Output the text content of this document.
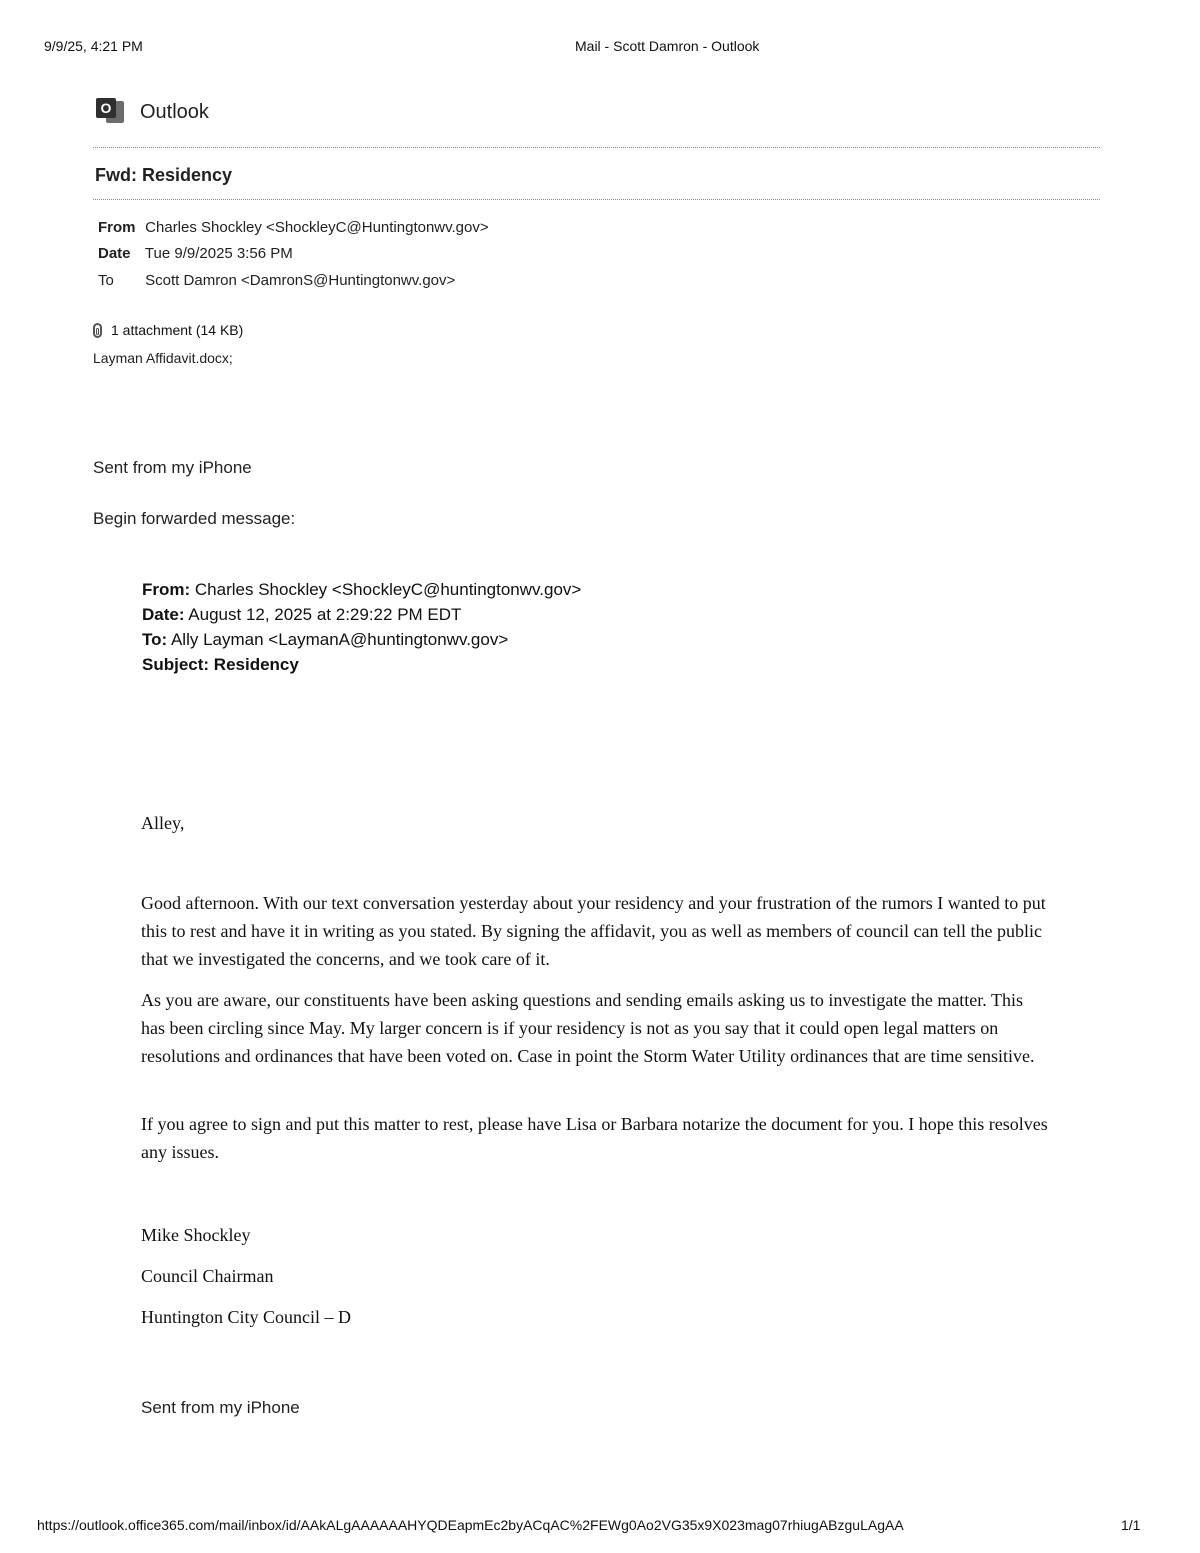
9/9/25, 4:21 PM	Mail - Scott Damron - Outlook
O Outlook
Fwd: Residency
From Charles Shockley <ShockleyC@Huntingtonwv.gov>
Date Tue 9/9/2025 3:56 PM
To Scott Damron <DamronS@Huntingtonwv.gov>
1 attachment (14 KB)
Layman Affidavit.docx;
Sent from my iPhone
Begin forwarded message:
From: Charles Shockley <ShockleyC@huntingtonwv.gov>
Date: August 12, 2025 at 2:29:22 PM EDT
To: Ally Layman <LaymanA@huntingtonwv.gov>
Subject: Residency
Alley,
Good afternoon. With our text conversation yesterday about your residency and your frustration of the rumors I wanted to put this to rest and have it in writing as you stated. By signing the affidavit, you as well as members of council can tell the public that we investigated the concerns, and we took care of it.
As you are aware, our constituents have been asking questions and sending emails asking us to investigate the matter. This has been circling since May. My larger concern is if your residency is not as you say that it could open legal matters on resolutions and ordinances that have been voted on. Case in point the Storm Water Utility ordinances that are time sensitive.
If you agree to sign and put this matter to rest, please have Lisa or Barbara notarize the document for you. I hope this resolves any issues.
Mike Shockley
Council Chairman
Huntington City Council – D
Sent from my iPhone
https://outlook.office365.com/mail/inbox/id/AAkALgAAAAAAHYQDEapmEc2byACqAC%2FEWg0Ao2VG35x9X023mag07rhiugABzguLAgAA	1/1
